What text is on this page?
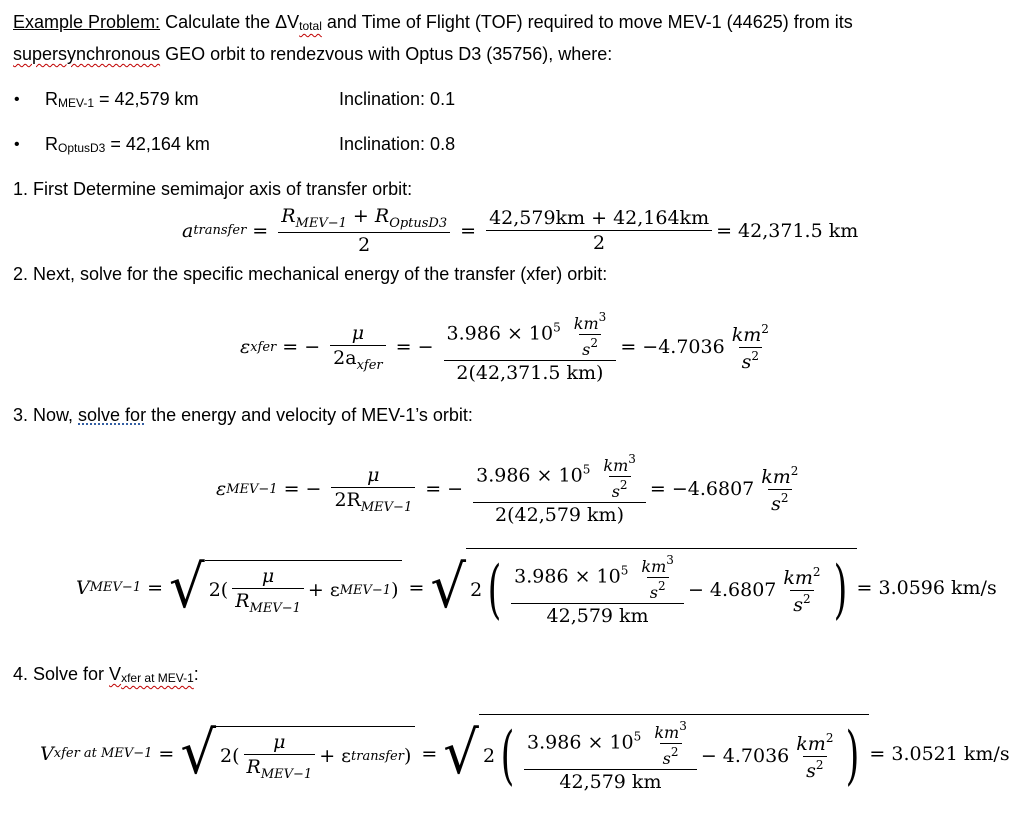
Example Problem: Calculate the $\Delta V_{total}$ and Time of Flight (TOF) required to move MEV-1 (44625) from its
supersynchronous GEO orbit to rendezvous with Optus D3 (35756), where:
• $R_{MEV-1} = 42,579$ km	Inclination: 0.1
• $R_{OptusD3} = 42,164$ km	Inclination: 0.8
1. First Determine semimajor axis of transfer orbit:
a transfer = $\frac{R_{MEV-1} + R_{OptusD3}}{2} = \frac{42,579km + 42,164km}{2} = 42,371.5$ km
2. Next, solve for the specific mechanical energy of the transfer (xfer) orbit:
ε xfer = − $\frac{\mu}{2a_{xfer}}$ = − $\frac{3.986 \times 10^5 \frac{km^3}{s^2}}{2(42,371.5 km)} = -4.7036 \frac{km^2}{s^2}$
3. Now, solve for the energy and velocity of MEV-1’s orbit:
ε MEV−1 = − $\frac{\mu}{2R_{MEV-1}}$ = − $\frac{3.986 \times 10^5 \frac{km^3}{s^2}}{2(42,579 km)} = -4.6807 \frac{km^2}{s^2}$
V MEV−1 = √ $2( \frac{\mu}{R_{MEV-1}} + \varepsilon$ MEV−1 ) = √ 2 ( $\frac{3.986 \times 10^5 \frac{km^3}{s^2}}{42,579 km} - 4.6807 \frac{km^2}{s^2}$ ) = 3.0596 km/s
4. Solve for $V_{xfer at MEV-1}$:
V xfer at MEV−1 = √ $2( \frac{\mu}{R_{MEV-1}} + \varepsilon$ transfer ) = √ 2 ( $\frac{3.986 \times 10^5 \frac{km^3}{s^2}}{42,579 km} - 4.7036 \frac{km^2}{s^2}$ ) = 3.0521 km/s
